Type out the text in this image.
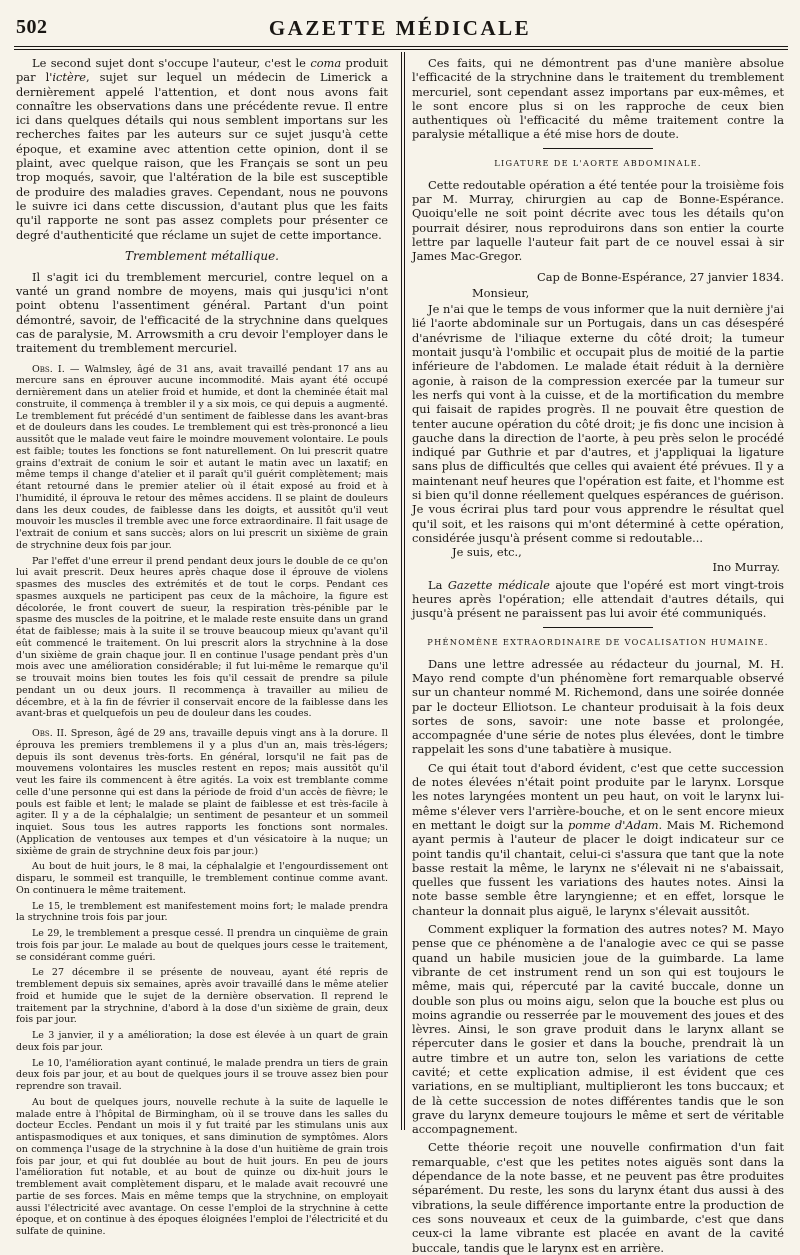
502	GAZETTE MÉDICALE

Le second sujet dont s'occupe l'auteur, c'est le coma produit par l'ictère, sujet sur lequel un médecin de Limerick a dernièrement appelé l'attention, et dont nous avons fait connaître les observations dans une précédente revue. Il entre ici dans quelques détails qui nous semblent importans sur les recherches faites par les auteurs sur ce sujet jusqu'à cette époque, et examine avec attention cette opinion, dont il se plaint, avec quelque raison, que les Français se sont un peu trop moqués, savoir, que l'altération de la bile est susceptible de produire des maladies graves. Cependant, nous ne pouvons le suivre ici dans cette discussion, d'autant plus que les faits qu'il rapporte ne sont pas assez complets pour présenter ce degré d'authenticité que réclame un sujet de cette importance.

Tremblement métallique.

Il s'agit ici du tremblement mercuriel, contre lequel on a vanté un grand nombre de moyens, mais qui jusqu'ici n'ont point obtenu l'assentiment général. Partant d'un point démontré, savoir, de l'efficacité de la strychnine dans quelques cas de paralysie, M. Arrowsmith a cru devoir l'employer dans le traitement du tremblement mercuriel.

Obs. I. — Walmsley, âgé de 31 ans, avait travaillé pendant 17 ans au mercure sans en éprouver aucune incommodité. Mais ayant été occupé dernièrement dans un atelier froid et humide, et dont la cheminée était mal construite, il commença à trembler il y a six mois, ce qui depuis a augmenté. Le tremblement fut précédé d'un sentiment de faiblesse dans les avant-bras et de douleurs dans les coudes. Le tremblement qui est très-prononcé a lieu aussitôt que le malade veut faire le moindre mouvement volontaire. Le pouls est faible; toutes les fonctions se font naturellement. On lui prescrit quatre grains d'extrait de conium le soir et autant le matin avec un laxatif; en même temps il change d'atelier et il paraît qu'il guérit complètement; mais étant retourné dans le premier atelier où il était exposé au froid et à l'humidité, il éprouva le retour des mêmes accidens. Il se plaint de douleurs dans les deux coudes, de faiblesse dans les doigts, et aussitôt qu'il veut mouvoir les muscles il tremble avec une force extraordinaire. Il fait usage de l'extrait de conium et sans succès; alors on lui prescrit un sixième de grain de strychnine deux fois par jour.

Par l'effet d'une erreur il prend pendant deux jours le double de ce qu'on lui avait prescrit. Deux heures après chaque dose il éprouve de violens spasmes des muscles des extrémités et de tout le corps. Pendant ces spasmes auxquels ne participent pas ceux de la mâchoire, la figure est décolorée, le front couvert de sueur, la respiration très-pénible par le spasme des muscles de la poitrine, et le malade reste ensuite dans un grand état de faiblesse; mais à la suite il se trouve beaucoup mieux qu'avant qu'il eût commencé le traitement. On lui prescrit alors la strychnine à la dose d'un sixième de grain chaque jour. Il en continue l'usage pendant près d'un mois avec une amélioration considérable; il fut lui-même le remarque qu'il se trouvait moins bien toutes les fois qu'il cessait de prendre sa pilule pendant un ou deux jours. Il recommença à travailler au milieu de décembre, et à la fin de février il conservait encore de la faiblesse dans les avant-bras et quelquefois un peu de douleur dans les coudes.

Obs. II. Spreson, âgé de 29 ans, travaille depuis vingt ans à la dorure. Il éprouva les premiers tremblemens il y a plus d'un an, mais très-légers; depuis ils sont devenus très-forts. En général, lorsqu'il ne fait pas de mouvemens volontaires les muscles restent en repos; mais aussitôt qu'il veut les faire ils commencent à être agités. La voix est tremblante comme celle d'une personne qui est dans la période de froid d'un accès de fièvre; le pouls est faible et lent; le malade se plaint de faiblesse et est très-facile à agiter. Il y a de la céphalalgie; un sentiment de pesanteur et un sommeil inquiet. Sous tous les autres rapports les fonctions sont normales. (Application de ventouses aux tempes et d'un vésicatoire à la nuque; un sixième de grain de strychnine deux fois par jour.)

Au bout de huit jours, le 8 mai, la céphalalgie et l'engourdissement ont disparu, le sommeil est tranquille, le tremblement continue comme avant. On continuera le même traitement.

Le 15, le tremblement est manifestement moins fort; le malade prendra la strychnine trois fois par jour.

Le 29, le tremblement a presque cessé. Il prendra un cinquième de grain trois fois par jour. Le malade au bout de quelques jours cesse le traitement, se considérant comme guéri.

Le 27 décembre il se présente de nouveau, ayant été repris de tremblement depuis six semaines, après avoir travaillé dans le même atelier froid et humide que le sujet de la dernière observation. Il reprend le traitement par la strychnine, d'abord à la dose d'un sixième de grain, deux fois par jour.

Le 3 janvier, il y a amélioration; la dose est élevée à un quart de grain deux fois par jour.

Le 10, l'amélioration ayant continué, le malade prendra un tiers de grain deux fois par jour, et au bout de quelques jours il se trouve assez bien pour reprendre son travail.

Au bout de quelques jours, nouvelle rechute à la suite de laquelle le malade entre à l'hôpital de Birmingham, où il se trouve dans les salles du docteur Eccles. Pendant un mois il y fut traité par les stimulans unis aux antispasmodiques et aux toniques, et sans diminution de symptômes. Alors on commença l'usage de la strychnine à la dose d'un huitième de grain trois fois par jour, et qui fut doublée au bout de huit jours. En peu de jours l'amélioration fut notable, et au bout de quinze ou dix-huit jours le tremblement avait complètement disparu, et le malade avait recouvré une partie de ses forces. Mais en même temps que la strychnine, on employait aussi l'électricité avec avantage. On cesse l'emploi de la strychnine à cette époque, et on continue à des époques éloignées l'emploi de l'électricité et du sulfate de quinine.

Ces faits, qui ne démontrent pas d'une manière absolue l'efficacité de la strychnine dans le traitement du tremblement mercuriel, sont cependant assez importans par eux-mêmes, et le sont encore plus si on les rapproche de ceux bien authentiques où l'efficacité du même traitement contre la paralysie métallique a été mise hors de doute.

LIGATURE DE L'AORTE ABDOMINALE.

Cette redoutable opération a été tentée pour la troisième fois par M. Murray, chirurgien au cap de Bonne-Espérance. Quoiqu'elle ne soit point décrite avec tous les détails qu'on pourrait désirer, nous reproduirons dans son entier la courte lettre par laquelle l'auteur fait part de ce nouvel essai à sir James Mac-Gregor.

Cap de Bonne-Espérance, 27 janvier 1834.

Monsieur,

Je n'ai que le temps de vous informer que la nuit dernière j'ai lié l'aorte abdominale sur un Portugais, dans un cas désespéré d'anévrisme de l'iliaque externe du côté droit; la tumeur montait jusqu'à l'ombilic et occupait plus de moitié de la partie inférieure de l'abdomen. Le malade était réduit à la dernière agonie, à raison de la compression exercée par la tumeur sur les nerfs qui vont à la cuisse, et de la mortification du membre qui faisait de rapides progrès. Il ne pouvait être question de tenter aucune opération du côté droit; je fis donc une incision à gauche dans la direction de l'aorte, à peu près selon le procédé indiqué par Guthrie et par d'autres, et j'appliquai la ligature sans plus de difficultés que celles qui avaient été prévues. Il y a maintenant neuf heures que l'opération est faite, et l'homme est si bien qu'il donne réellement quelques espérances de guérison. Je vous écrirai plus tard pour vous apprendre le résultat quel qu'il soit, et les raisons qui m'ont déterminé à cette opération, considérée jusqu'à présent comme si redoutable...

Je suis, etc.,

Ino Murray.

La Gazette médicale ajoute que l'opéré est mort vingt-trois heures après l'opération; elle attendait d'autres détails, qui jusqu'à présent ne paraissent pas lui avoir été communiqués.

PHÉNOMÈNE EXTRAORDINAIRE DE VOCALISATION HUMAINE.

Dans une lettre adressée au rédacteur du journal, M. H. Mayo rend compte d'un phénomène fort remarquable observé sur un chanteur nommé M. Richemond, dans une soirée donnée par le docteur Elliotson. Le chanteur produisait à la fois deux sortes de sons, savoir: une note basse et prolongée, accompagnée d'une série de notes plus élevées, dont le timbre rappelait les sons d'une tabatière à musique.

Ce qui était tout d'abord évident, c'est que cette succession de notes élevées n'était point produite par le larynx. Lorsque les notes laryngées montent un peu haut, on voit le larynx lui-même s'élever vers l'arrière-bouche, et on le sent encore mieux en mettant le doigt sur la pomme d'Adam. Mais M. Richemond ayant permis à l'auteur de placer le doigt indicateur sur ce point tandis qu'il chantait, celui-ci s'assura que tant que la note basse restait la même, le larynx ne s'élevait ni ne s'abaissait, quelles que fussent les variations des hautes notes. Ainsi la note basse semble être laryngienne; et en effet, lorsque le chanteur la donnait plus aiguë, le larynx s'élevait aussitôt.

Comment expliquer la formation des autres notes? M. Mayo pense que ce phénomène a de l'analogie avec ce qui se passe quand un habile musicien joue de la guimbarde. La lame vibrante de cet instrument rend un son qui est toujours le même, mais qui, répercuté par la cavité buccale, donne un double son plus ou moins aigu, selon que la bouche est plus ou moins agrandie ou resserrée par le mouvement des joues et des lèvres. Ainsi, le son grave produit dans le larynx allant se répercuter dans le gosier et dans la bouche, prendrait là un autre timbre et un autre ton, selon les variations de cette cavité; et cette explication admise, il est évident que ces variations, en se multipliant, multiplieront les tons buccaux; et de là cette succession de notes différentes tandis que le son grave du larynx demeure toujours le même et sert de véritable accompagnement.

Cette théorie reçoit une nouvelle confirmation d'un fait remarquable, c'est que les petites notes aiguës sont dans la dépendance de la note basse, et ne peuvent pas être produites séparément. Du reste, les sons du larynx étant dus aussi à des vibrations, la seule différence importante entre la production de ces sons nouveaux et ceux de la guimbarde, c'est que dans ceux-ci la lame vibrante est placée en avant de la cavité buccale, tandis que le larynx est en arrière.
